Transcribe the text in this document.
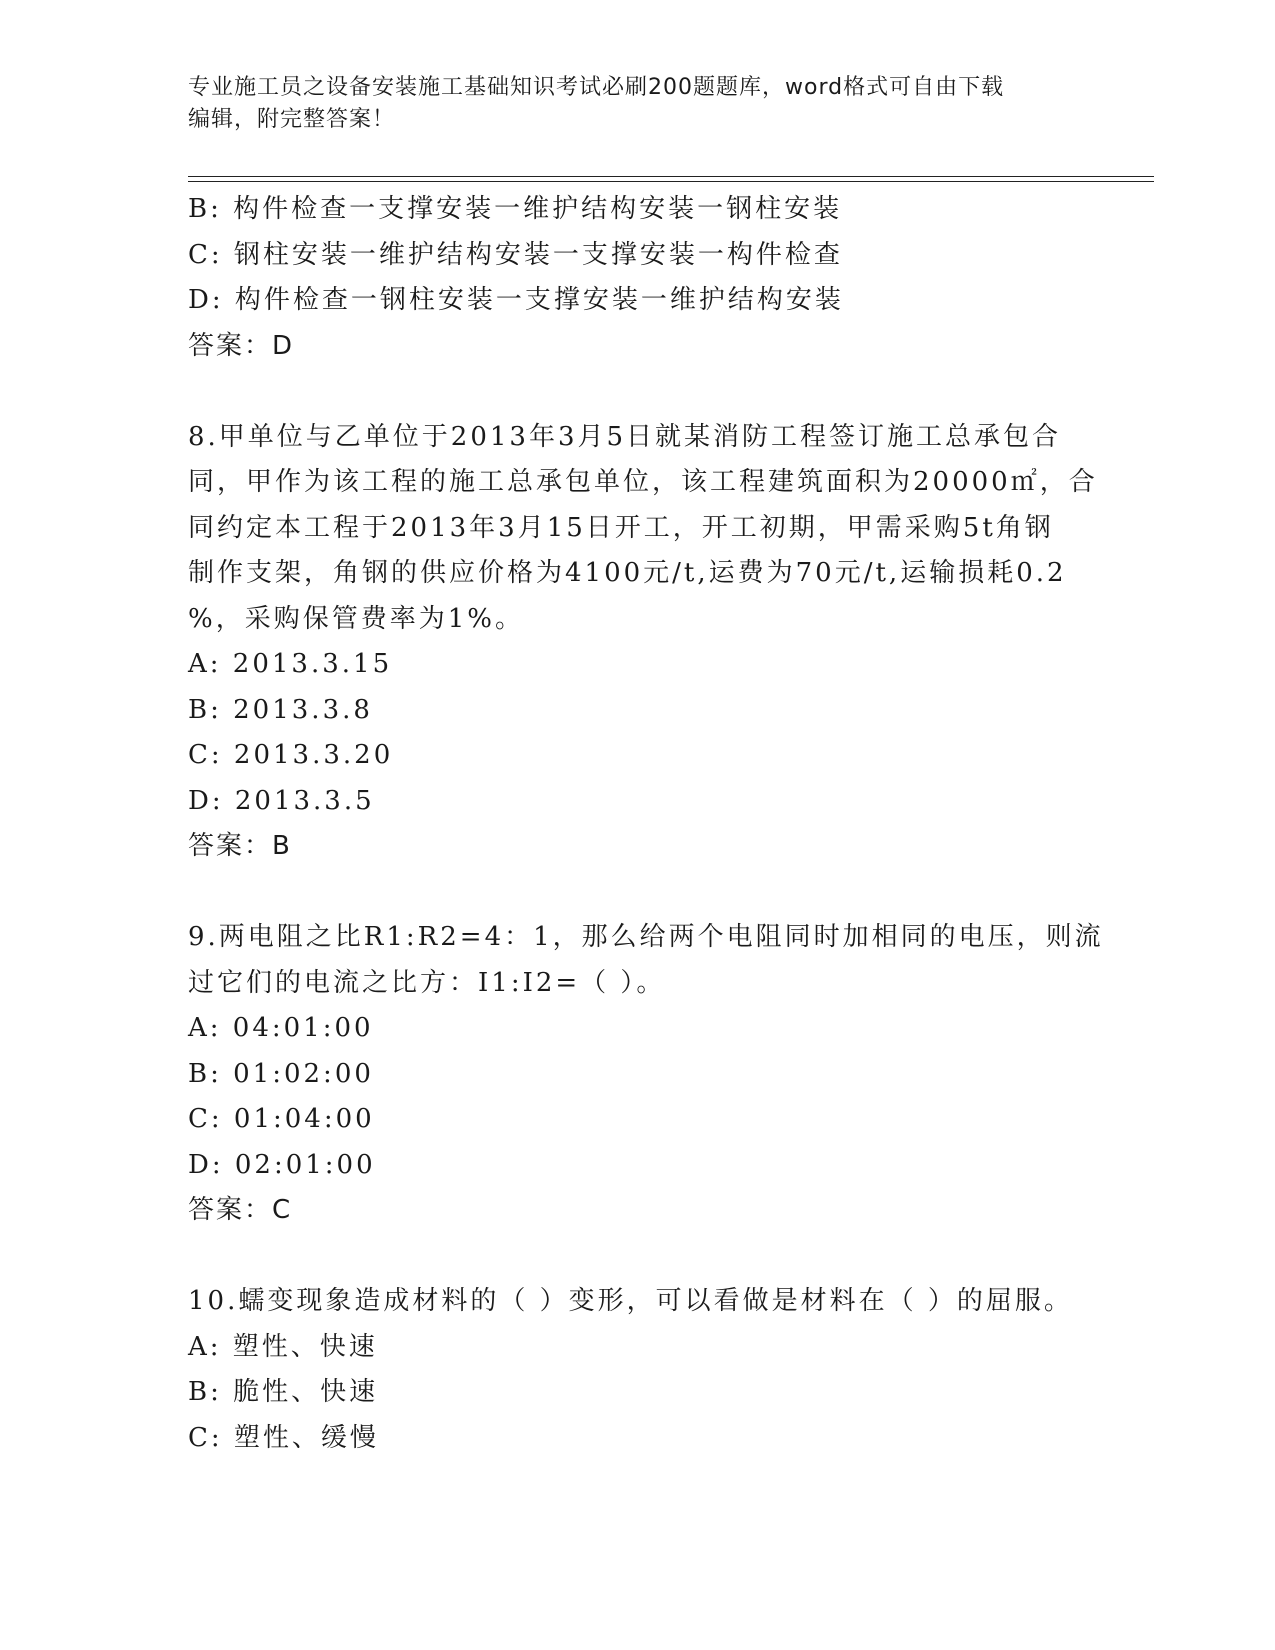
专业施工员之设备安装施工基础知识考试必刷200题题库，word格式可自由下载
编辑，附完整答案！
B: 构件检查一支撑安装一维护结构安装一钢柱安装
C: 钢柱安装一维护结构安装一支撑安装一构件检查
D: 构件检查一钢柱安装一支撑安装一维护结构安装
答案：D
8.甲单位与乙单位于2013年3月5日就某消防工程签订施工总承包合
同，甲作为该工程的施工总承包单位，该工程建筑面积为20000㎡，合
同约定本工程于2013年3月15日开工，开工初期，甲需采购5t角钢
制作支架，角钢的供应价格为4100元/t,运费为70元/t,运输损耗0.2
%，采购保管费率为1%。
A: 2013.3.15
B: 2013.3.8
C: 2013.3.20
D: 2013.3.5
答案：B
9.两电阻之比R1:R2=4：1，那么给两个电阻同时加相同的电压，则流
过它们的电流之比方：I1:I2=（ ）。
A: 04:01:00
B: 01:02:00
C: 01:04:00
D: 02:01:00
答案：C
10.蠕变现象造成材料的（ ）变形，可以看做是材料在（ ）的屈服。
A: 塑性、快速
B: 脆性、快速
C: 塑性、缓慢
